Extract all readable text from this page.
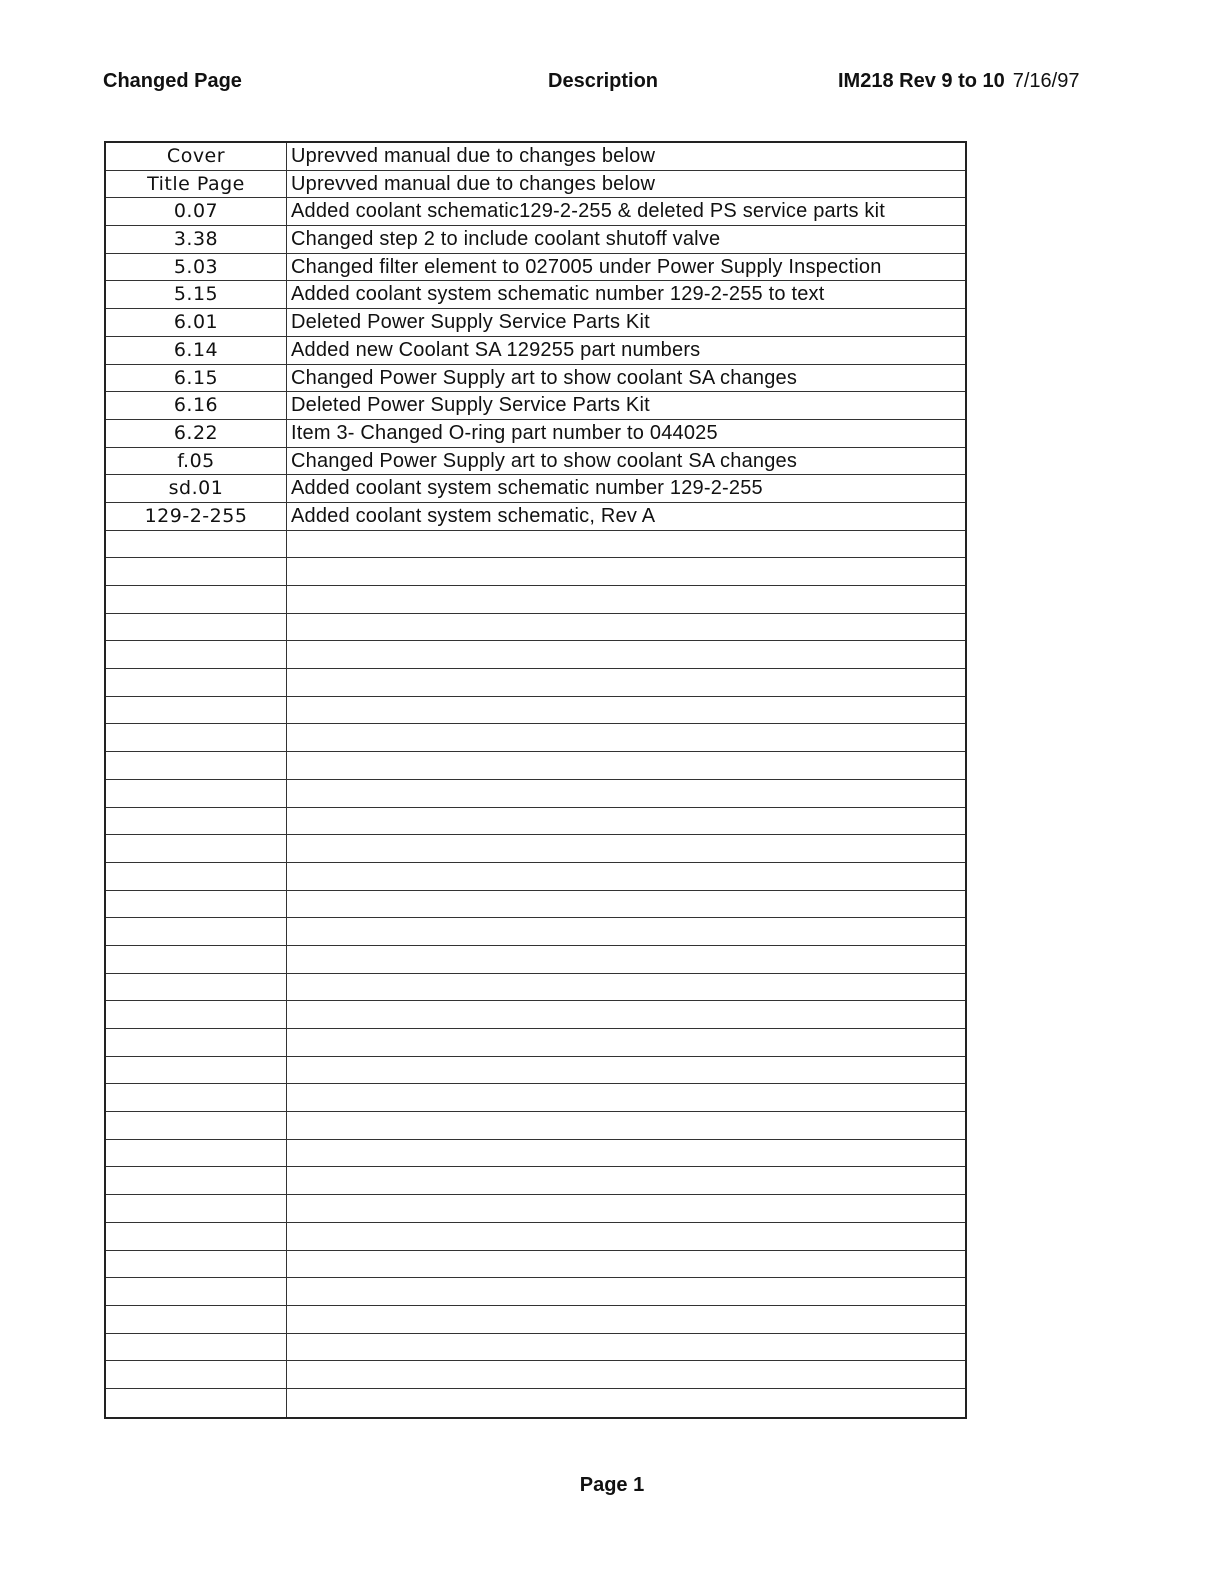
Changed Page	Description	IM218 Rev 9 to 10 7/16/97
Cover	Uprevved manual due to changes below
Title Page	Uprevved manual due to changes below
0.07	Added coolant schematic129-2-255 & deleted PS service parts kit
3.38	Changed step 2 to include coolant shutoff valve
5.03	Changed filter element to 027005 under Power Supply Inspection
5.15	Added coolant system schematic number 129-2-255 to text
6.01	Deleted Power Supply Service Parts Kit
6.14	Added new Coolant SA 129255 part numbers
6.15	Changed Power Supply art to show coolant SA changes
6.16	Deleted Power Supply Service Parts Kit
6.22	Item 3- Changed O-ring part number to 044025
f.05	Changed Power Supply art to show coolant SA changes
sd.01	Added coolant system schematic number 129-2-255
129-2-255	Added coolant system schematic, Rev A
Page 1
